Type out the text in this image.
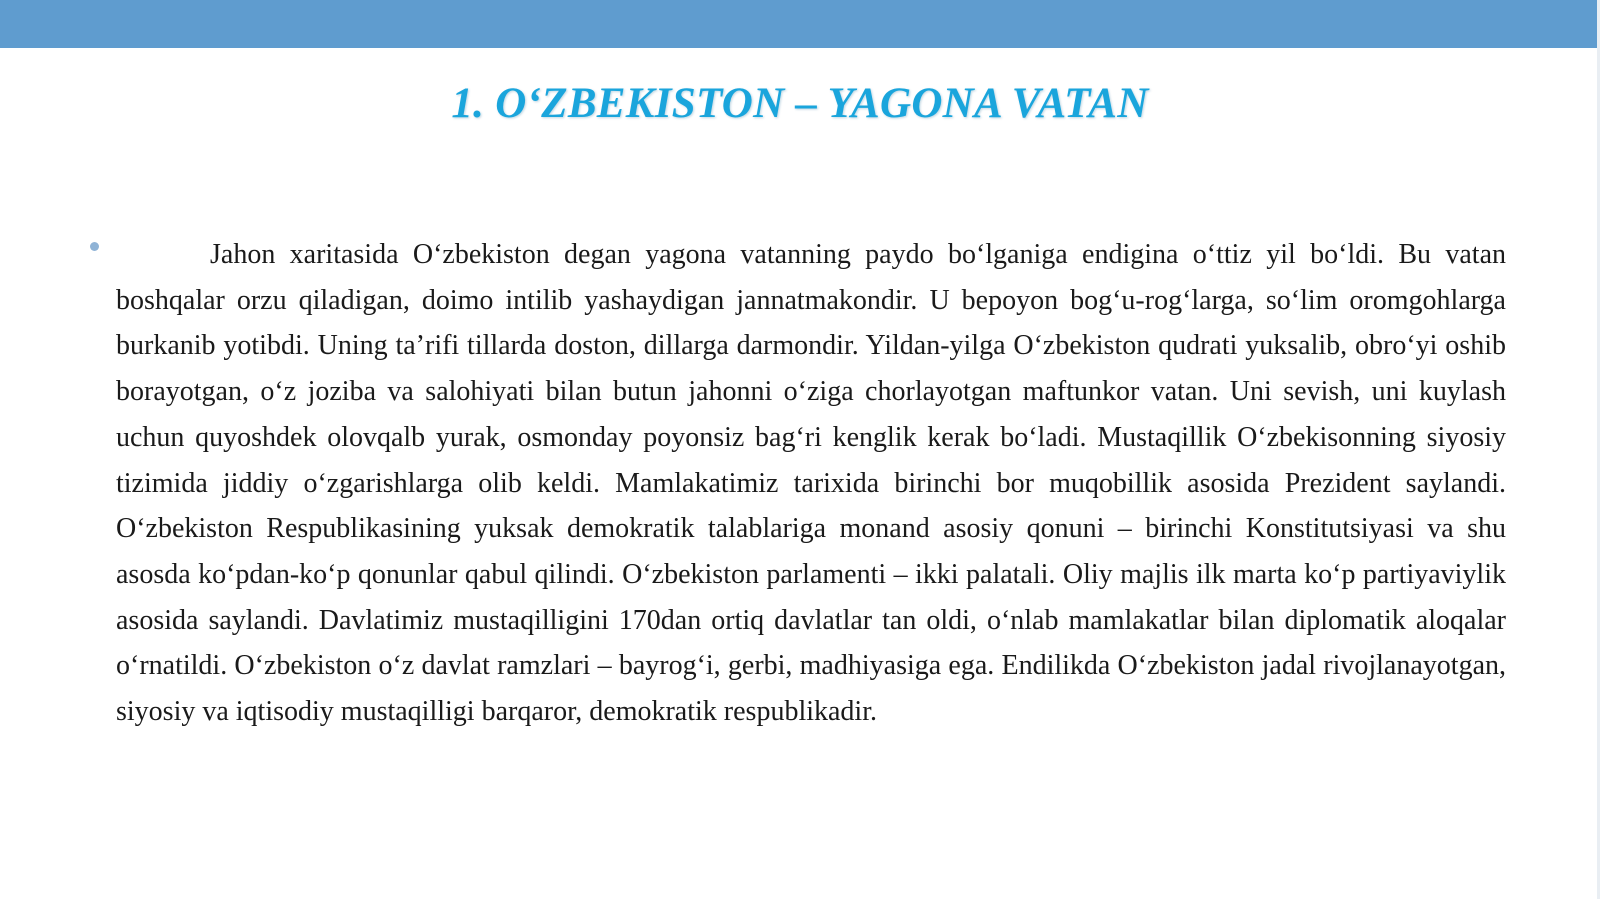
1. O‘ZBEKISTON – YAGONA VATAN

Jahon xaritasida O‘zbekiston degan yagona vatanning paydo bo‘lganiga endigina o‘ttiz yil bo‘ldi. Bu vatan boshqalar orzu qiladigan, doimo intilib yashaydigan jannatmakondir. U bepoyon bog‘u-rog‘larga, so‘lim oromgohlarga burkanib yotibdi. Uning ta’rifi tillarda doston, dillarga darmondir. Yildan-yilga O‘zbekiston qudrati yuksalib, obro‘yi oshib borayotgan, o‘z joziba va salohiyati bilan butun jahonni o‘ziga chorlayotgan maftunkor vatan. Uni sevish, uni kuylash uchun quyoshdek olovqalb yurak, osmonday poyonsiz bag‘ri kenglik kerak bo‘ladi. Mustaqillik O‘zbekisonning siyosiy tizimida jiddiy o‘zgarishlarga olib keldi. Mamlakatimiz tarixida birinchi bor muqobillik asosida Prezident saylandi. O‘zbekiston Respublikasining yuksak demokratik talablariga monand asosiy qonuni – birinchi Konstitutsiyasi va shu asosda ko‘pdan-ko‘p qonunlar qabul qilindi. O‘zbekiston parlamenti – ikki palatali. Oliy majlis ilk marta ko‘p partiyaviylik asosida saylandi. Davlatimiz mustaqilligini 170dan ortiq davlatlar tan oldi, o‘nlab mamlakatlar bilan diplomatik aloqalar o‘rnatildi. O‘zbekiston o‘z davlat ramzlari – bayrog‘i, gerbi, madhiyasiga ega. Endilikda O‘zbekiston jadal rivojlanayotgan, siyosiy va iqtisodiy mustaqilligi barqaror, demokratik respublikadir.
